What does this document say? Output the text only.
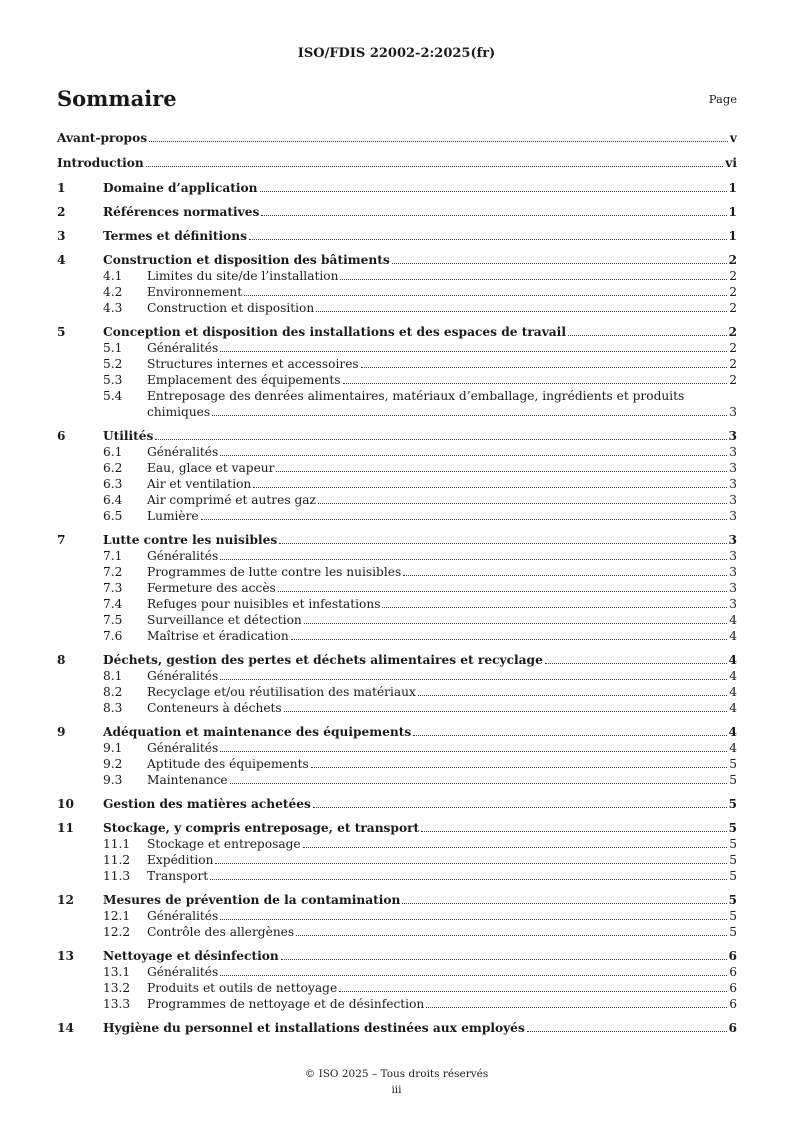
ISO/FDIS 22002-2:2025(fr)
Sommaire	Page
Avant-propos	v
Introduction	vi
1	Domaine d’application	1
2	Références normatives	1
3	Termes et définitions	1
4	Construction et disposition des bâtiments	2
4.1	Limites du site/de l’installation	2
4.2	Environnement	2
4.3	Construction et disposition	2
5	Conception et disposition des installations et des espaces de travail	2
5.1	Généralités	2
5.2	Structures internes et accessoires	2
5.3	Emplacement des équipements	2
5.4	Entreposage des denrées alimentaires, matériaux d’emballage, ingrédients et produits
chimiques	3
6	Utilités	3
6.1	Généralités	3
6.2	Eau, glace et vapeur	3
6.3	Air et ventilation	3
6.4	Air comprimé et autres gaz	3
6.5	Lumière	3
7	Lutte contre les nuisibles	3
7.1	Généralités	3
7.2	Programmes de lutte contre les nuisibles	3
7.3	Fermeture des accès	3
7.4	Refuges pour nuisibles et infestations	3
7.5	Surveillance et détection	4
7.6	Maîtrise et éradication	4
8	Déchets, gestion des pertes et déchets alimentaires et recyclage	4
8.1	Généralités	4
8.2	Recyclage et/ou réutilisation des matériaux	4
8.3	Conteneurs à déchets	4
9	Adéquation et maintenance des équipements	4
9.1	Généralités	4
9.2	Aptitude des équipements	5
9.3	Maintenance	5
10	Gestion des matières achetées	5
11	Stockage, y compris entreposage, et transport	5
11.1	Stockage et entreposage	5
11.2	Expédition	5
11.3	Transport	5
12	Mesures de prévention de la contamination	5
12.1	Généralités	5
12.2	Contrôle des allergènes	5
13	Nettoyage et désinfection	6
13.1	Généralités	6
13.2	Produits et outils de nettoyage	6
13.3	Programmes de nettoyage et de désinfection	6
14	Hygiène du personnel et installations destinées aux employés	6
© ISO 2025 – Tous droits réservés
iii
